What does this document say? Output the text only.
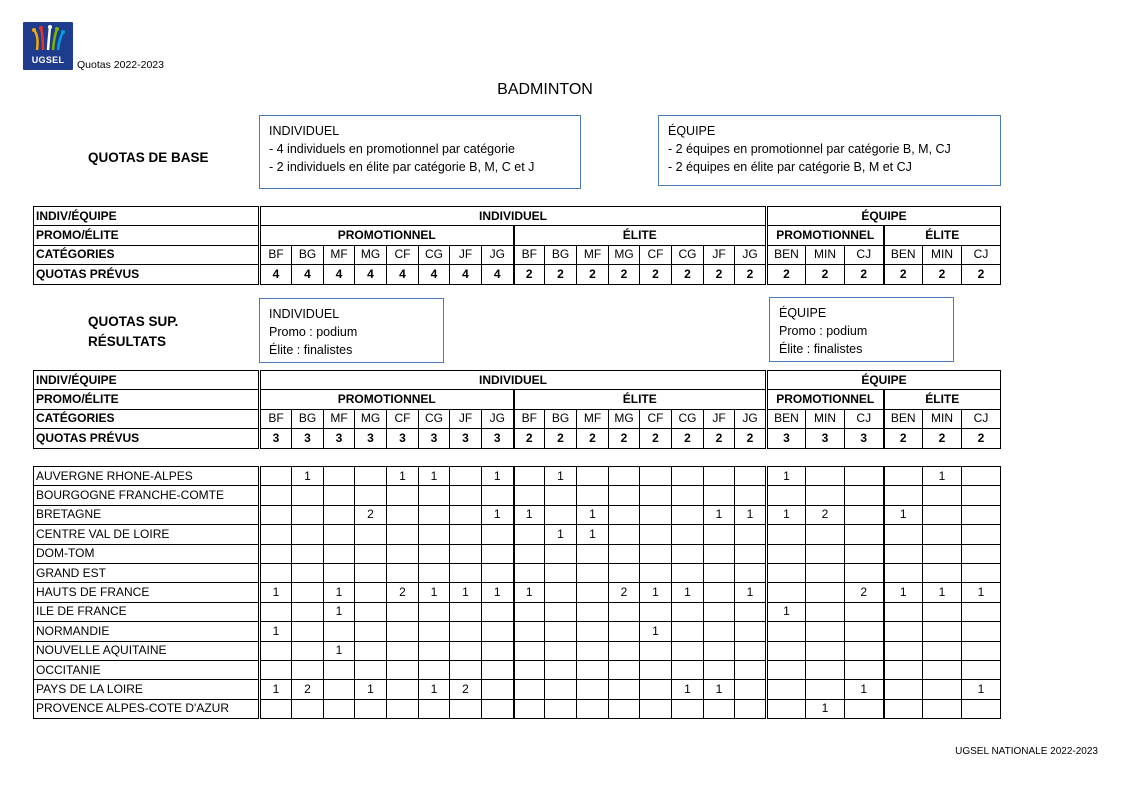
UGSEL	Quotas 2022-2023
BADMINTON
QUOTAS DE BASE
INDIVIDUEL
- 4 individuels en promotionnel par catégorie
- 2 individuels en élite par catégorie B, M, C et J
ÉQUIPE
- 2 équipes en promotionnel par catégorie B, M, CJ
- 2 équipes en élite par catégorie B, M et CJ
INDIV/ÉQUIPE	INDIVIDUEL																ÉQUIPE					
PROMO/ÉLITE	PROMOTIONNEL								ÉLITE								PROMOTIONNEL			ÉLITE		
CATÉGORIES	BF	BG	MF	MG	CF	CG	JF	JG	BF	BG	MF	MG	CF	CG	JF	JG	BEN	MIN	CJ	BEN	MIN	CJ
QUOTAS PRÉVUS	4	4	4	4	4	4	4	4	2	2	2	2	2	2	2	2	2	2	2	2	2	2
QUOTAS SUP.
RÉSULTATS
INDIVIDUEL
Promo : podium
Élite : finalistes
ÉQUIPE
Promo : podium
Élite : finalistes
INDIV/ÉQUIPE	INDIVIDUEL																ÉQUIPE					
PROMO/ÉLITE	PROMOTIONNEL								ÉLITE								PROMOTIONNEL			ÉLITE		
CATÉGORIES	BF	BG	MF	MG	CF	CG	JF	JG	BF	BG	MF	MG	CF	CG	JF	JG	BEN	MIN	CJ	BEN	MIN	CJ
QUOTAS PRÉVUS	3	3	3	3	3	3	3	3	2	2	2	2	2	2	2	2	3	3	3	2	2	2
AUVERGNE RHONE-ALPES		1			1	1		1		1							1				1	
BOURGOGNE FRANCHE-COMTE																						
BRETAGNE				2				1	1		1				1	1	1	2		1		
CENTRE VAL DE LOIRE										1	1											
DOM-TOM																						
GRAND EST																						
HAUTS DE FRANCE	1		1		2	1	1	1	1			2	1	1		1			2	1	1	1
ILE DE FRANCE			1														1					
NORMANDIE	1												1									
NOUVELLE AQUITAINE			1																			
OCCITANIE																						
PAYS DE LA LOIRE	1	2		1		1	2							1	1				1			1
PROVENCE ALPES-COTE D'AZUR																		1				
UGSEL NATIONALE 2022-2023
